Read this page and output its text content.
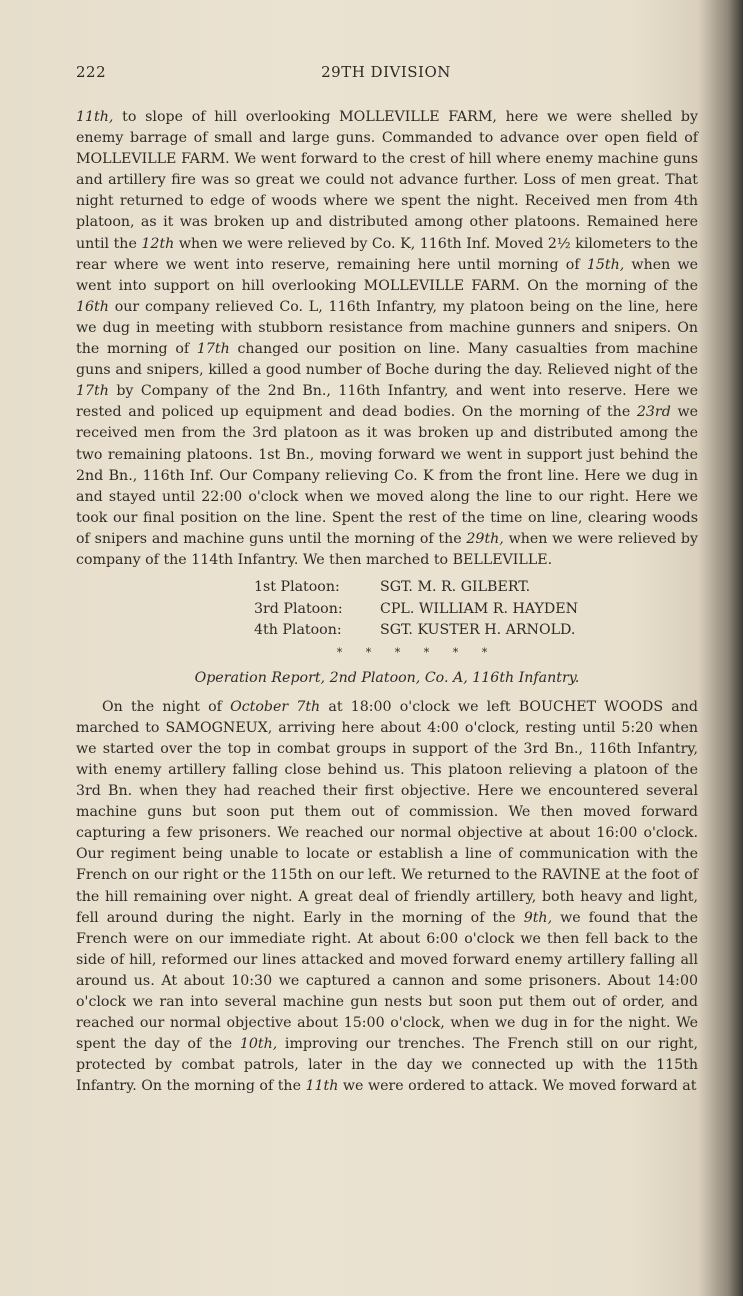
222	29TH DIVISION

11th, to slope of hill overlooking MOLLEVILLE FARM, here we were shelled by enemy barrage of small and large guns. Commanded to advance over open field of MOLLEVILLE FARM. We went forward to the crest of hill where enemy machine guns and artillery fire was so great we could not advance further. Loss of men great. That night returned to edge of woods where we spent the night. Received men from 4th platoon, as it was broken up and distributed among other platoons. Remained here until the 12th when we were relieved by Co. K, 116th Inf. Moved 2½ kilometers to the rear where we went into reserve, remaining here until morning of 15th, when we went into support on hill overlooking MOLLEVILLE FARM. On the morning of the 16th our company relieved Co. L, 116th Infantry, my platoon being on the line, here we dug in meeting with stubborn resistance from machine gunners and snipers. On the morning of 17th changed our position on line. Many casualties from machine guns and snipers, killed a good number of Boche during the day. Relieved night of the 17th by Company of the 2nd Bn., 116th Infantry, and went into reserve. Here we rested and policed up equipment and dead bodies. On the morning of the 23rd we received men from the 3rd platoon as it was broken up and distributed among the two remaining platoons. 1st Bn., moving forward we went in support just behind the 2nd Bn., 116th Inf. Our Company relieving Co. K from the front line. Here we dug in and stayed until 22:00 o'clock when we moved along the line to our right. Here we took our final position on the line. Spent the rest of the time on line, clearing woods of snipers and machine guns until the morning of the 29th, when we were relieved by company of the 114th Infantry. We then marched to BELLEVILLE.

1st Platoon:	SGT. M. R. GILBERT.
3rd Platoon:	CPL. WILLIAM R. HAYDEN
4th Platoon:	SGT. KUSTER H. ARNOLD.
* * * * * *
Operation Report, 2nd Platoon, Co. A, 116th Infantry.

On the night of October 7th at 18:00 o'clock we left BOUCHET WOODS and marched to SAMOGNEUX, arriving here about 4:00 o'clock, resting until 5:20 when we started over the top in combat groups in support of the 3rd Bn., 116th Infantry, with enemy artillery falling close behind us. This platoon relieving a platoon of the 3rd Bn. when they had reached their first objective. Here we encountered several machine guns but soon put them out of commission. We then moved forward capturing a few prisoners. We reached our normal objective at about 16:00 o'clock. Our regiment being unable to locate or establish a line of communication with the French on our right or the 115th on our left. We returned to the RAVINE at the foot of the hill remaining over night. A great deal of friendly artillery, both heavy and light, fell around during the night. Early in the morning of the 9th, we found that the French were on our immediate right. At about 6:00 o'clock we then fell back to the side of hill, reformed our lines attacked and moved forward enemy artillery falling all around us. At about 10:30 we captured a cannon and some prisoners. About 14:00 o'clock we ran into several machine gun nests but soon put them out of order, and reached our normal objective about 15:00 o'clock, when we dug in for the night. We spent the day of the 10th, improving our trenches. The French still on our right, protected by combat patrols, later in the day we connected up with the 115th Infantry. On the morning of the 11th we were ordered to attack. We moved forward at
